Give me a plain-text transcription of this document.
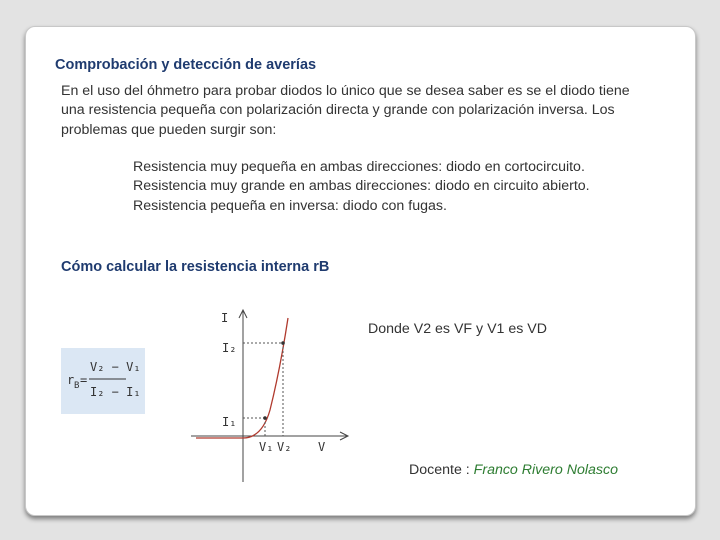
Comprobación y detección de averías

En el uso del óhmetro para probar diodos lo único que se desea saber es se el diodo tiene una resistencia pequeña con polarización directa y grande con polarización inversa. Los problemas que pueden surgir son:

Resistencia muy pequeña en ambas direcciones: diodo en cortocircuito.

Resistencia muy grande en ambas direcciones: diodo en circuito abierto.

Resistencia pequeña en inversa: diodo con fugas.

Cómo calcular la resistencia interna rB

Donde V2 es VF y V1 es VD

r B =
V₂ − V₁
I₂ − I₁
I
I₂
I₁
V₁ V₂ V

Docente : Franco Rivero Nolasco
